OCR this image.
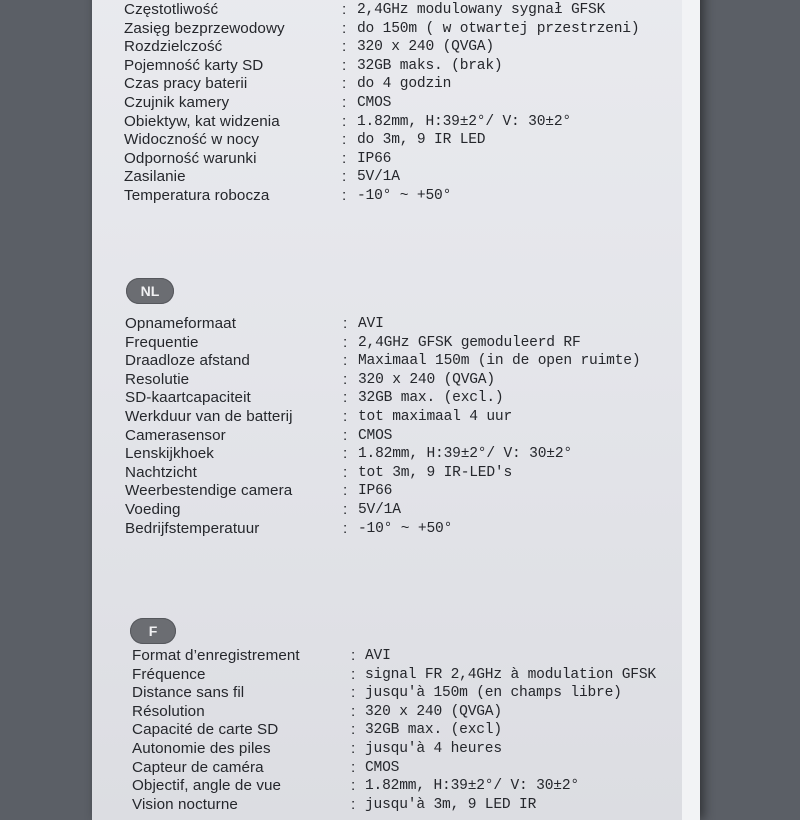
Częstotliwość	: 2,4GHz modulowany sygnał GFSK
Zasięg bezprzewodowy	: do 150m ( w otwartej przestrzeni)
Rozdzielczość	: 320 x 240 (QVGA)
Pojemność karty SD	: 32GB maks. (brak)
Czas pracy baterii	: do 4 godzin
Czujnik kamery	: CMOS
Obiektyw, kat widzenia	: 1.82mm, H:39±2°/ V: 30±2°
Widoczność w nocy	: do 3m, 9 IR LED
Odporność warunki	: IP66
Zasilanie	: 5V/1A
Temperatura robocza	: -10° ~ +50°
NL
Opnameformaat	: AVI
Frequentie	: 2,4GHz GFSK gemoduleerd RF
Draadloze afstand	: Maximaal 150m (in de open ruimte)
Resolutie	: 320 x 240 (QVGA)
SD-kaartcapaciteit	: 32GB max. (excl.)
Werkduur van de batterij	: tot maximaal 4 uur
Camerasensor	: CMOS
Lenskijkhoek	: 1.82mm, H:39±2°/ V: 30±2°
Nachtzicht	: tot 3m, 9 IR-LED's
Weerbestendige camera	: IP66
Voeding	: 5V/1A
Bedrijfstemperatuur	: -10° ~ +50°
F
Format d’enregistrement	: AVI
Fréquence	: signal FR 2,4GHz à modulation GFSK
Distance sans fil	: jusqu'à 150m (en champs libre)
Résolution	: 320 x 240 (QVGA)
Capacité de carte SD	: 32GB max. (excl)
Autonomie des piles	: jusqu'à 4 heures
Capteur de caméra	: CMOS
Objectif, angle de vue	: 1.82mm, H:39±2°/ V: 30±2°
Vision nocturne	: jusqu'à 3m, 9 LED IR
